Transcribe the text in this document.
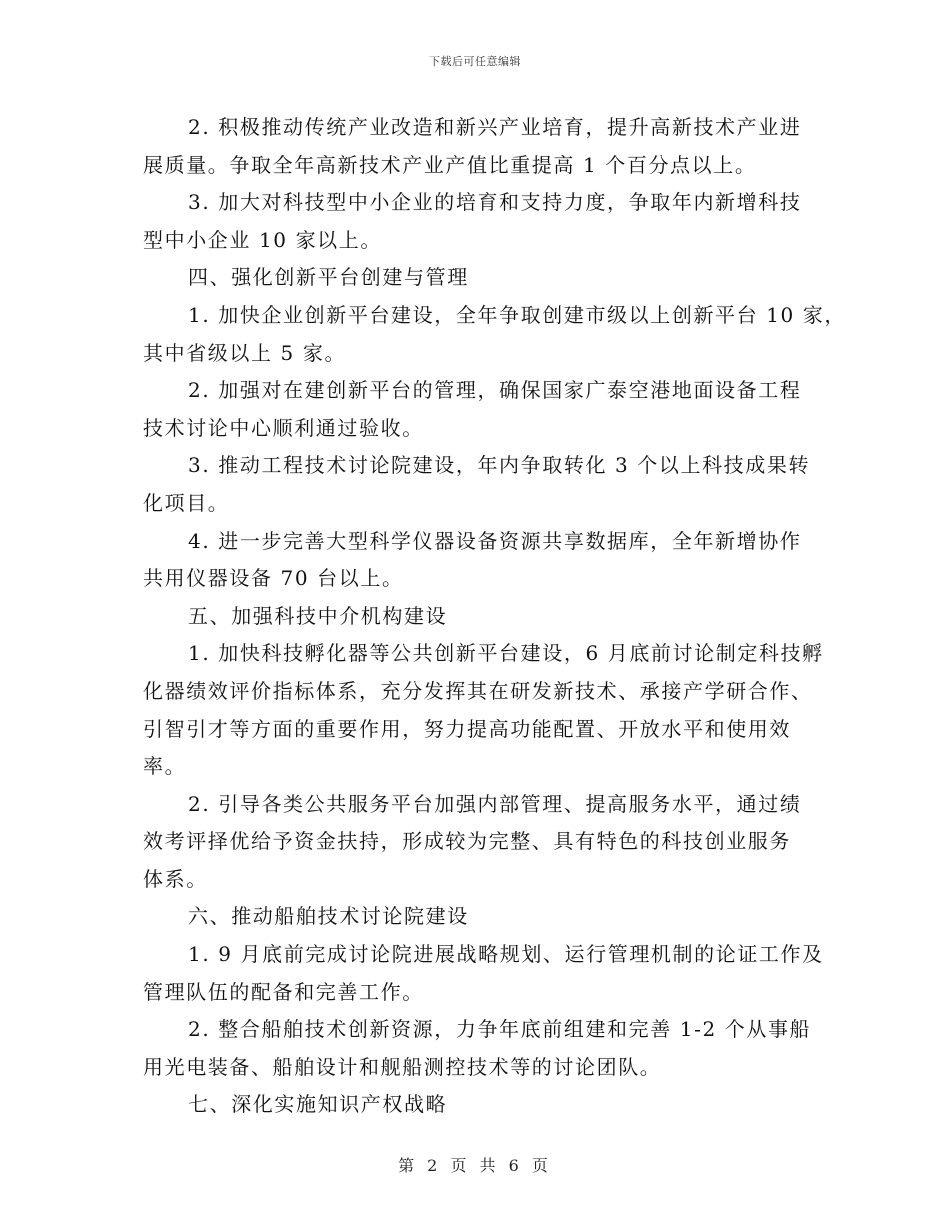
下载后可任意编辑
2. 积极推动传统产业改造和新兴产业培育，提升高新技术产业进
展质量。争取全年高新技术产业产值比重提高 1 个百分点以上。
3. 加大对科技型中小企业的培育和支持力度，争取年内新增科技
型中小企业 10 家以上。
四、强化创新平台创建与管理
1. 加快企业创新平台建设，全年争取创建市级以上创新平台 10 家，
其中省级以上 5 家。
2. 加强对在建创新平台的管理，确保国家广泰空港地面设备工程
技术讨论中心顺利通过验收。
3. 推动工程技术讨论院建设，年内争取转化 3 个以上科技成果转
化项目。
4. 进一步完善大型科学仪器设备资源共享数据库，全年新增协作
共用仪器设备 70 台以上。
五、加强科技中介机构建设
1. 加快科技孵化器等公共创新平台建设，6 月底前讨论制定科技孵
化器绩效评价指标体系，充分发挥其在研发新技术、承接产学研合作、
引智引才等方面的重要作用，努力提高功能配置、开放水平和使用效
率。
2. 引导各类公共服务平台加强内部管理、提高服务水平，通过绩
效考评择优给予资金扶持，形成较为完整、具有特色的科技创业服务
体系。
六、推动船舶技术讨论院建设
1. 9 月底前完成讨论院进展战略规划、运行管理机制的论证工作及
管理队伍的配备和完善工作。
2. 整合船舶技术创新资源，力争年底前组建和完善 1-2 个从事船
用光电装备、船舶设计和舰船测控技术等的讨论团队。
七、深化实施知识产权战略
第 2 页 共 6 页
